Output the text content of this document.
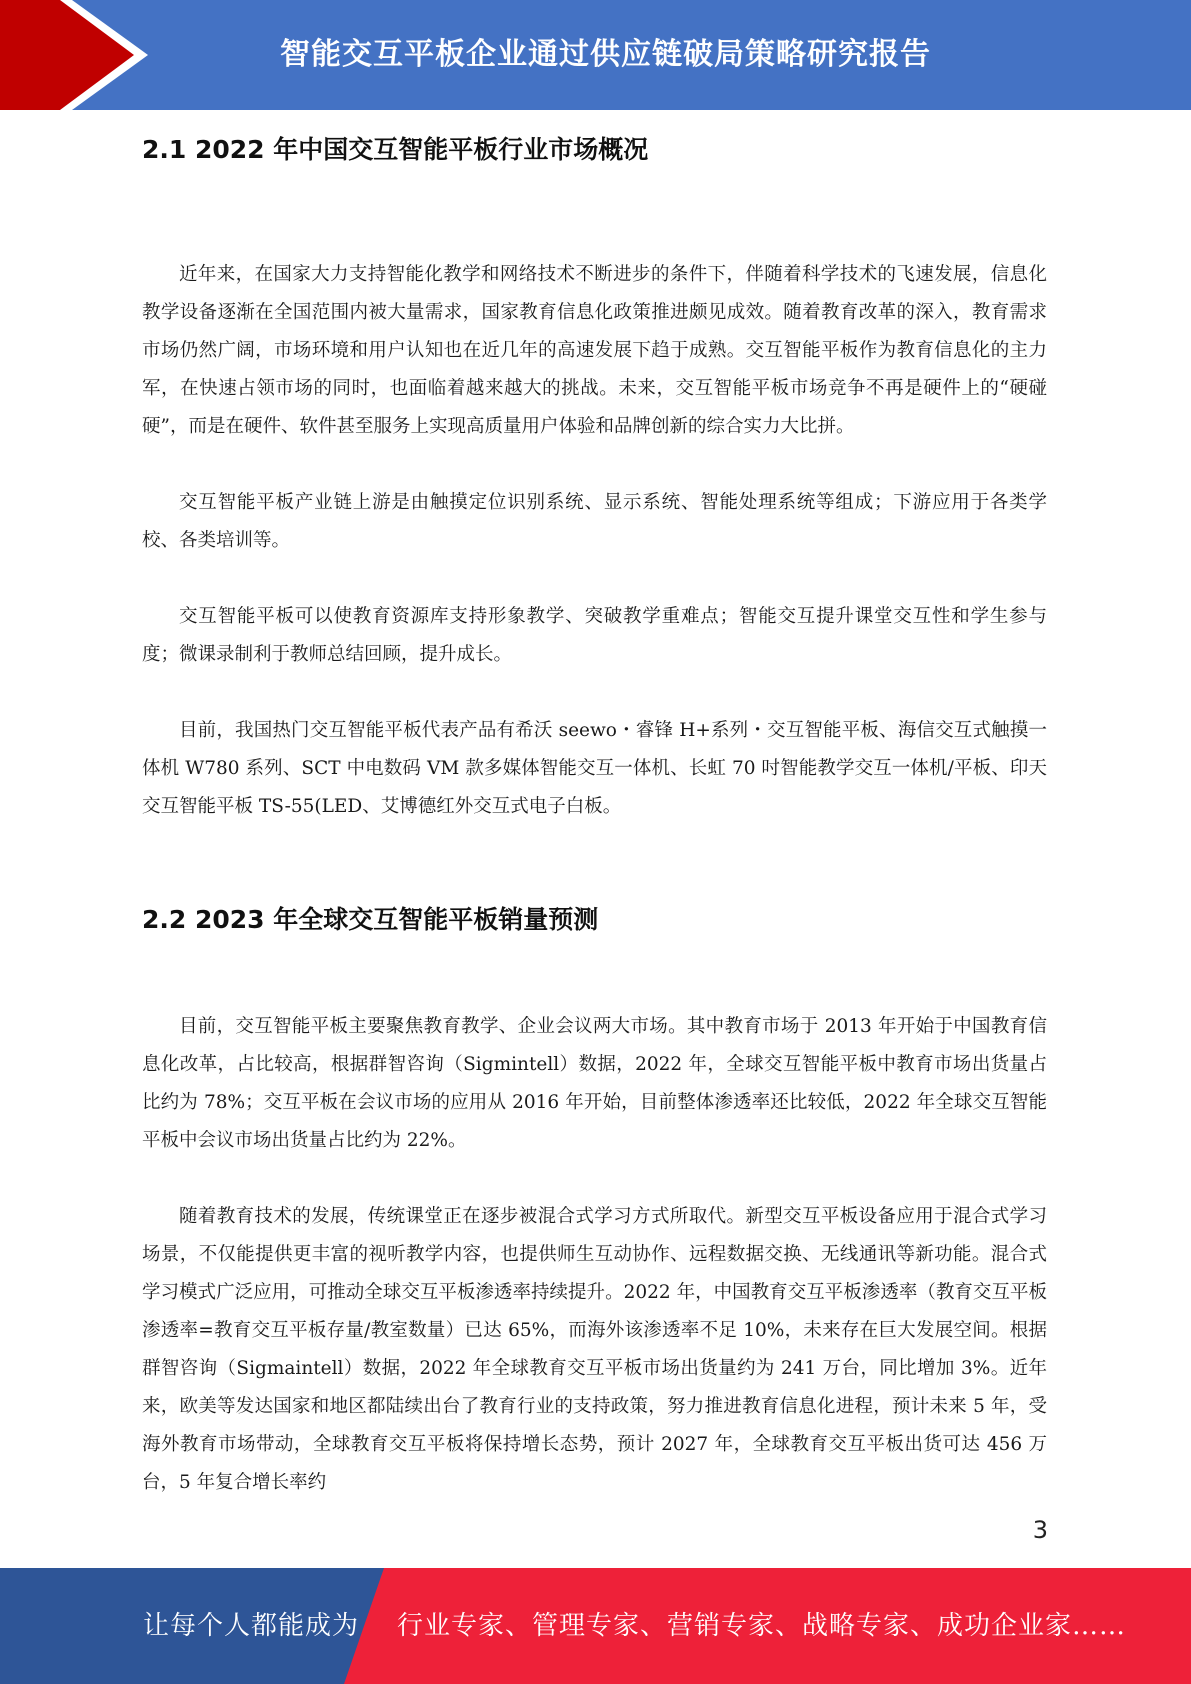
智能交互平板企业通过供应链破局策略研究报告
2.1 2022 年中国交互智能平板行业市场概况

近年来，在国家大力支持智能化教学和网络技术不断进步的条件下，伴随着科学技术的飞速发展，信息化教学设备逐渐在全国范围内被大量需求，国家教育信息化政策推进颇见成效。随着教育改革的深入，教育需求市场仍然广阔，市场环境和用户认知也在近几年的高速发展下趋于成熟。交互智能平板作为教育信息化的主力军，在快速占领市场的同时，也面临着越来越大的挑战。未来，交互智能平板市场竞争不再是硬件上的“硬碰硬”，而是在硬件、软件甚至服务上实现高质量用户体验和品牌创新的综合实力大比拼。

交互智能平板产业链上游是由触摸定位识别系统、显示系统、智能处理系统等组成；下游应用于各类学校、各类培训等。

交互智能平板可以使教育资源库支持形象教学、突破教学重难点；智能交互提升课堂交互性和学生参与度；微课录制利于教师总结回顾，提升成长。

目前，我国热门交互智能平板代表产品有希沃 seewo・睿锋 H+系列・交互智能平板、海信交互式触摸一体机 W780 系列、SCT 中电数码 VM 款多媒体智能交互一体机、长虹 70 吋智能教学交互一体机/平板、印天交互智能平板 TS-55(LED、艾博德红外交互式电子白板。

2.2 2023 年全球交互智能平板销量预测

目前，交互智能平板主要聚焦教育教学、企业会议两大市场。其中教育市场于 2013 年开始于中国教育信息化改革，占比较高，根据群智咨询（Sigmintell）数据，2022 年，全球交互智能平板中教育市场出货量占比约为 78%；交互平板在会议市场的应用从 2016 年开始，目前整体渗透率还比较低，2022 年全球交互智能平板中会议市场出货量占比约为 22%。

随着教育技术的发展，传统课堂正在逐步被混合式学习方式所取代。新型交互平板设备应用于混合式学习场景，不仅能提供更丰富的视听教学内容，也提供师生互动协作、远程数据交换、无线通讯等新功能。混合式学习模式广泛应用，可推动全球交互平板渗透率持续提升。2022 年，中国教育交互平板渗透率（教育交互平板渗透率=教育交互平板存量/教室数量）已达 65%，而海外该渗透率不足 10%，未来存在巨大发展空间。根据群智咨询（Sigmaintell）数据，2022 年全球教育交互平板市场出货量约为 241 万台，同比增加 3%。近年来，欧美等发达国家和地区都陆续出台了教育行业的支持政策，努力推进教育信息化进程，预计未来 5 年，受海外教育市场带动，全球教育交互平板将保持增长态势，预计 2027 年，全球教育交互平板出货可达 456 万台，5 年复合增长率约

3
让每个人都能成为 行业专家、管理专家、营销专家、战略专家、成功企业家……
